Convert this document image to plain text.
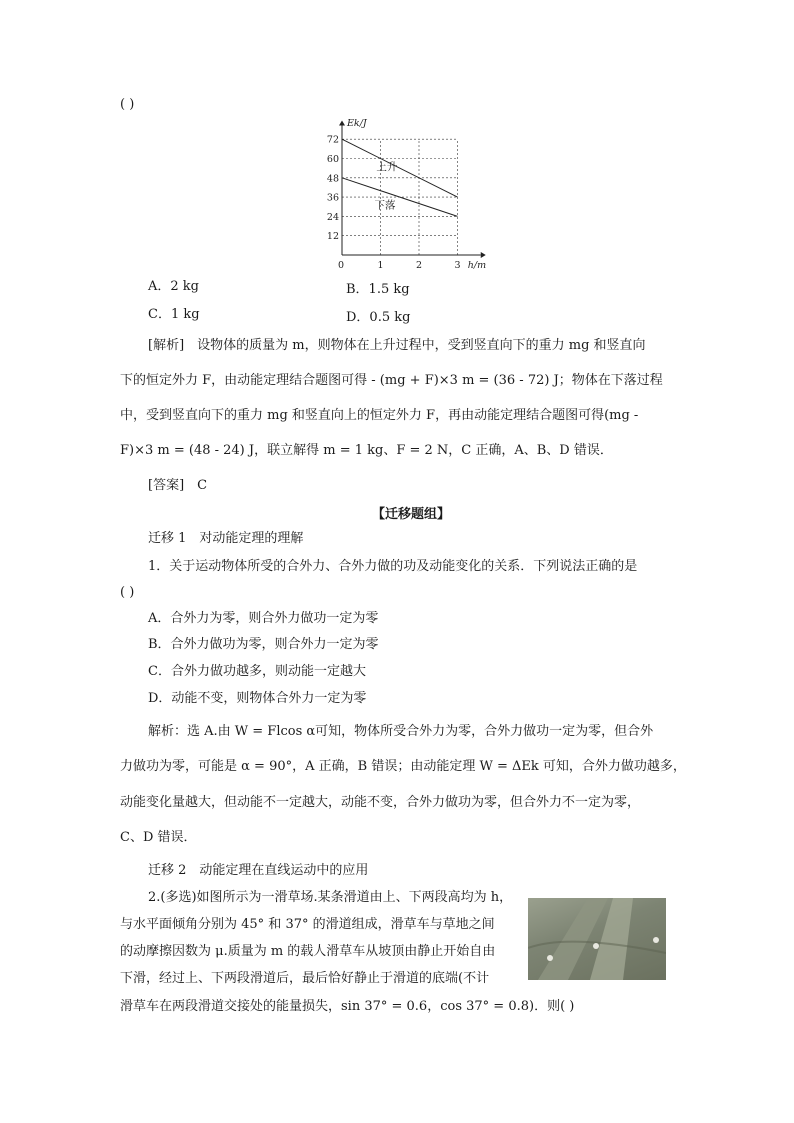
( )
12
24
36
48
60
72
0	1	2	3
Ek/J
h/m
上升
下落
A．2 kg	B．1.5 kg
C．1 kg	D．0.5 kg
[解析]　设物体的质量为 m，则物体在上升过程中，受到竖直向下的重力 mg 和竖直向
下的恒定外力 F，由动能定理结合题图可得 - (mg + F)×3 m = (36 - 72) J；物体在下落过程
中，受到竖直向下的重力 mg 和竖直向上的恒定外力 F，再由动能定理结合题图可得(mg -
F)×3 m = (48 - 24) J，联立解得 m = 1 kg、F = 2 N，C 正确，A、B、D 错误．
[答案]　C
【迁移题组】
迁移 1　对动能定理的理解
1．关于运动物体所受的合外力、合外力做的功及动能变化的关系．下列说法正确的是
( )
A．合外力为零，则合外力做功一定为零
B．合外力做功为零，则合外力一定为零
C．合外力做功越多，则动能一定越大
D．动能不变，则物体合外力一定为零
解析：选 A.由 W = Flcos α可知，物体所受合外力为零，合外力做功一定为零，但合外
力做功为零，可能是 α = 90°，A 正确，B 错误；由动能定理 W = ΔEk 可知，合外力做功越多，
动能变化量越大，但动能不一定越大，动能不变，合外力做功为零，但合外力不一定为零，
C、D 错误．
迁移 2　动能定理在直线运动中的应用
2.(多选)如图所示为一滑草场.某条滑道由上、下两段高均为 h，
与水平面倾角分别为 45° 和 37° 的滑道组成，滑草车与草地之间
的动摩擦因数为 μ.质量为 m 的载人滑草车从坡顶由静止开始自由
下滑，经过上、下两段滑道后，最后恰好静止于滑道的底端(不计
滑草车在两段滑道交接处的能量损失，sin 37° = 0.6，cos 37° = 0.8)．则( )
